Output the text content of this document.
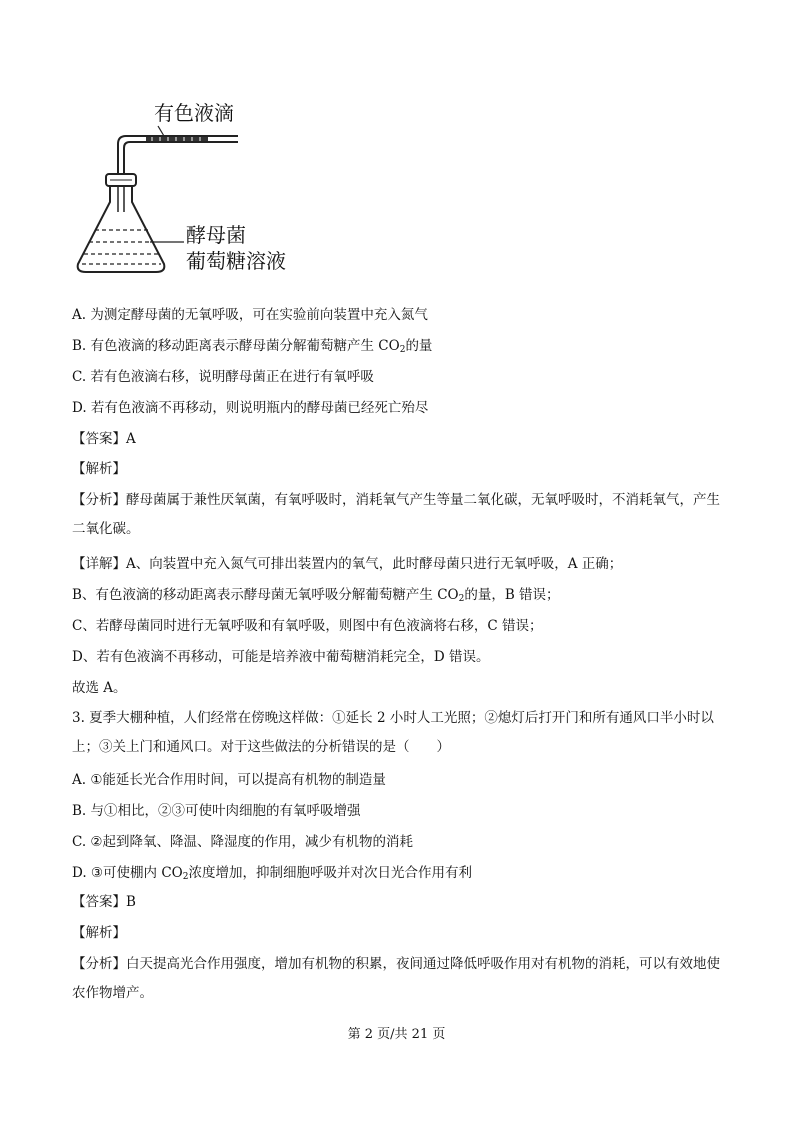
有色液滴
酵母菌
葡萄糖溶液
A. 为测定酵母菌的无氧呼吸，可在实验前向装置中充入氮气
B. 有色液滴的移动距离表示酵母菌分解葡萄糖产生 $CO_2$的量
C. 若有色液滴右移，说明酵母菌正在进行有氧呼吸
D. 若有色液滴不再移动，则说明瓶内的酵母菌已经死亡殆尽
【答案】A
【解析】
【分析】酵母菌属于兼性厌氧菌，有氧呼吸时，消耗氧气产生等量二氧化碳，无氧呼吸时，不消耗氧气，产生二氧化碳。
【详解】A、向装置中充入氮气可排出装置内的氧气，此时酵母菌只进行无氧呼吸，A 正确；
B、有色液滴的移动距离表示酵母菌无氧呼吸分解葡萄糖产生 $CO_2$的量，B 错误；
C、若酵母菌同时进行无氧呼吸和有氧呼吸，则图中有色液滴将右移，C 错误；
D、若有色液滴不再移动，可能是培养液中葡萄糖消耗完全，D 错误。
故选 A。
3. 夏季大棚种植，人们经常在傍晚这样做：①延长 2 小时人工光照；②熄灯后打开门和所有通风口半小时以上；③关上门和通风口。对于这些做法的分析错误的是（　　）
A. ①能延长光合作用时间，可以提高有机物的制造量
B. 与①相比，②③可使叶肉细胞的有氧呼吸增强
C. ②起到降氧、降温、降湿度的作用，减少有机物的消耗
D. ③可使棚内 $CO_2$浓度增加，抑制细胞呼吸并对次日光合作用有利
【答案】B
【解析】
【分析】白天提高光合作用强度，增加有机物的积累，夜间通过降低呼吸作用对有机物的消耗，可以有效地使农作物增产。
第 2 页/共 21 页
